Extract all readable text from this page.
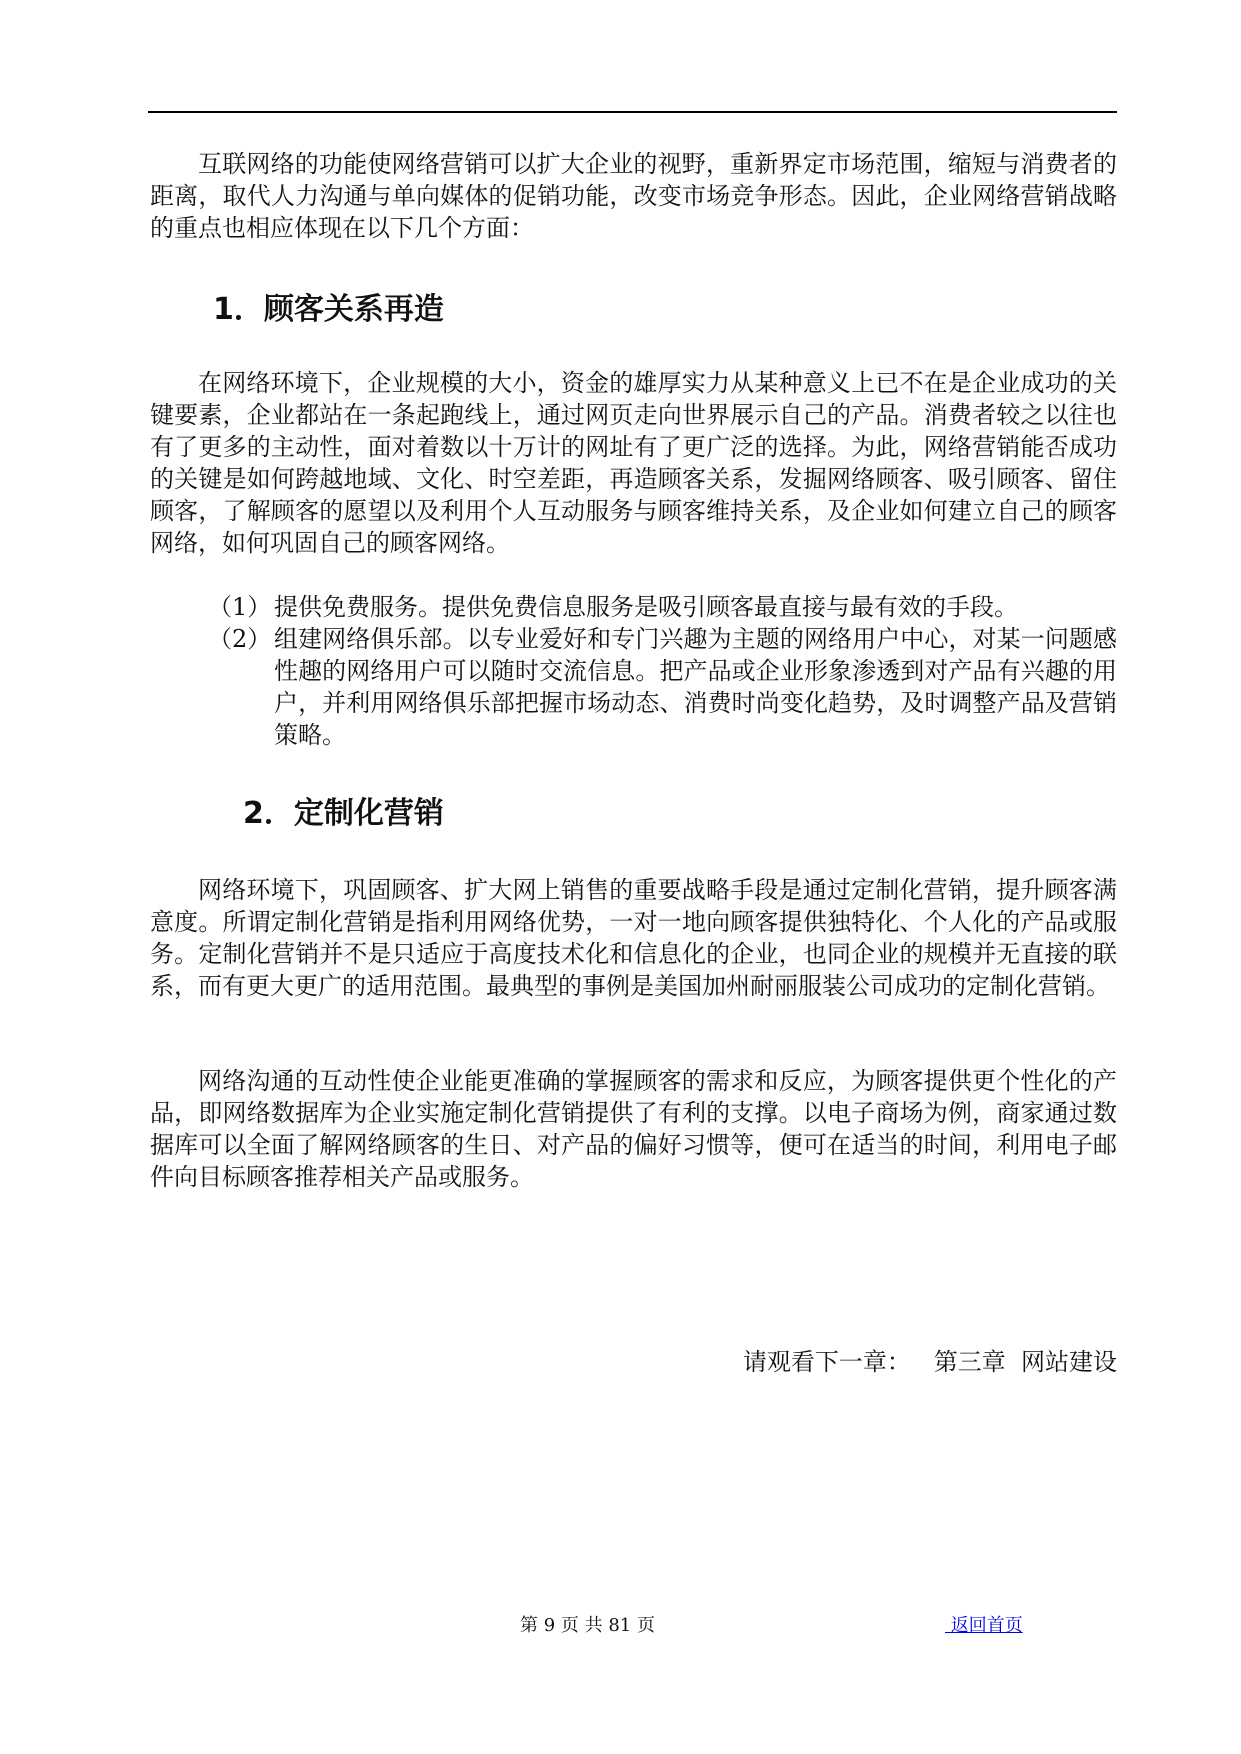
互联网络的功能使网络营销可以扩大企业的视野，重新界定市场范围，缩短与消费者的距离，取代人力沟通与单向媒体的促销功能，改变市场竞争形态。因此，企业网络营销战略的重点也相应体现在以下几个方面：

1．顾客关系再造

在网络环境下，企业规模的大小，资金的雄厚实力从某种意义上已不在是企业成功的关键要素，企业都站在一条起跑线上，通过网页走向世界展示自己的产品。消费者较之以往也有了更多的主动性，面对着数以十万计的网址有了更广泛的选择。为此，网络营销能否成功的关键是如何跨越地域、文化、时空差距，再造顾客关系，发掘网络顾客、吸引顾客、留住顾客，了解顾客的愿望以及利用个人互动服务与顾客维持关系，及企业如何建立自己的顾客网络，如何巩固自己的顾客网络。

（1） 提供免费服务。提供免费信息服务是吸引顾客最直接与最有效的手段。
（2） 组建网络俱乐部。以专业爱好和专门兴趣为主题的网络用户中心，对某一问题感性趣的网络用户可以随时交流信息。把产品或企业形象渗透到对产品有兴趣的用户，并利用网络俱乐部把握市场动态、消费时尚变化趋势，及时调整产品及营销策略。
2．定制化营销

网络环境下，巩固顾客、扩大网上销售的重要战略手段是通过定制化营销，提升顾客满意度。所谓定制化营销是指利用网络优势，一对一地向顾客提供独特化、个人化的产品或服务。定制化营销并不是只适应于高度技术化和信息化的企业，也同企业的规模并无直接的联系，而有更大更广的适用范围。最典型的事例是美国加州耐丽服装公司成功的定制化营销。

网络沟通的互动性使企业能更准确的掌握顾客的需求和反应，为顾客提供更个性化的产品，即网络数据库为企业实施定制化营销提供了有利的支撑。以电子商场为例，商家通过数据库可以全面了解网络顾客的生日、对产品的偏好习惯等，便可在适当的时间，利用电子邮件向目标顾客推荐相关产品或服务。

请观看下一章：   第三章  网站建设
第 9 页 共 81 页	返回首页
